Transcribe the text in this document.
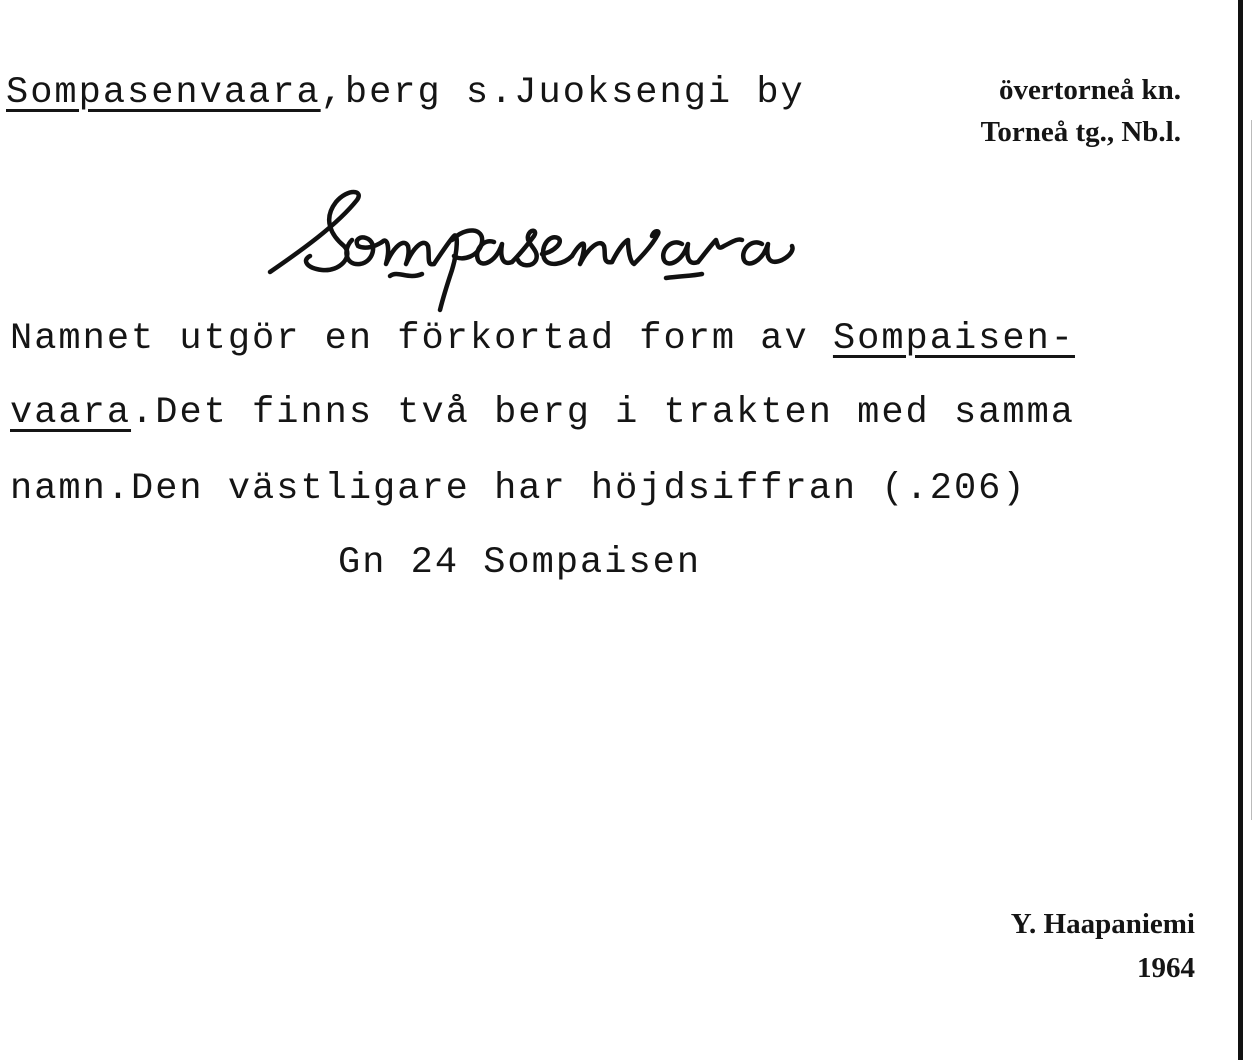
Sompasenvaara,berg s.Juoksengi by	övertorneå kn.
Torneå tg., Nb.l.
Namnet utgör en förkortad form av Sompaisen-
vaara.Det finns två berg i trakten med samma
namn.Den västligare har höjdsiffran (.206)
Gn 24 Sompaisen
Y. Haapaniemi
1964
